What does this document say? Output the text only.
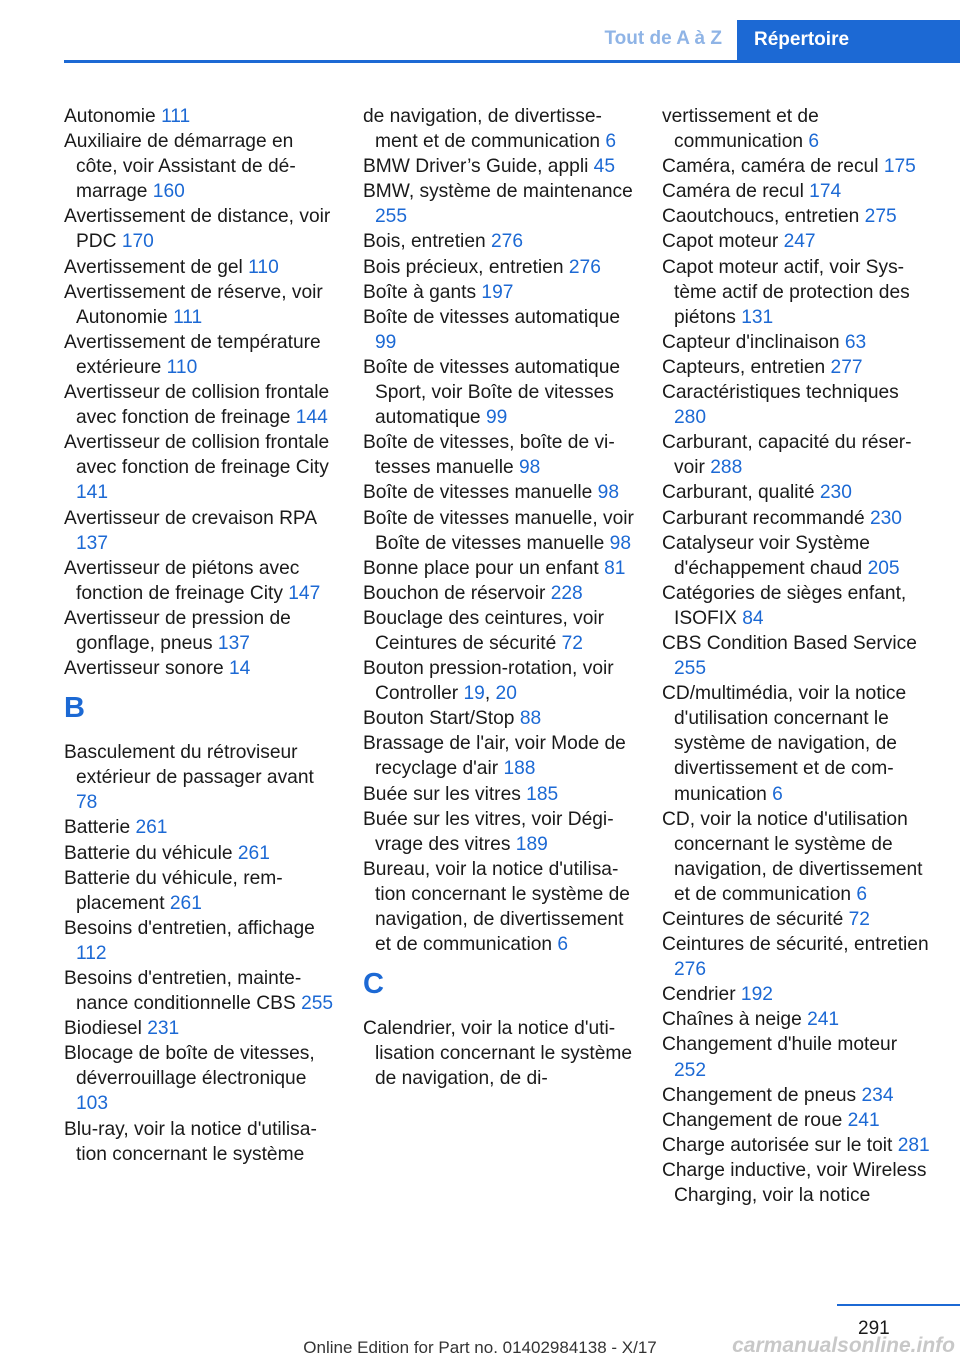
Tout de A à Z	Répertoire
Autonomie 111
Auxiliaire de démarrage en côte, voir Assistant de démarrage 160
Avertissement de distance, voir PDC 170
Avertissement de gel 110
Avertissement de réserve, voir Autonomie 111
Avertissement de température extérieure 110
Avertisseur de collision frontale avec fonction de freinage 144
Avertisseur de collision frontale avec fonction de freinage City 141
Avertisseur de crevaison RPA 137
Avertisseur de piétons avec fonction de freinage City 147
Avertisseur de pression de gonflage, pneus 137
Avertisseur sonore 14
B
Basculement du rétroviseur extérieur de passager avant 78
Batterie 261
Batterie du véhicule 261
Batterie du véhicule, remplacement 261
Besoins d'entretien, affichage 112
Besoins d'entretien, maintenance conditionnelle CBS 255
Biodiesel 231
Blocage de boîte de vitesses, déverrouillage électronique 103
Blu-ray, voir la notice d'utilisation concernant le système
de navigation, de divertissement et de communication 6
BMW Driver’s Guide, appli 45
BMW, système de maintenance 255
Bois, entretien 276
Bois précieux, entretien 276
Boîte à gants 197
Boîte de vitesses automatique 99
Boîte de vitesses automatique Sport, voir Boîte de vitesses automatique 99
Boîte de vitesses, boîte de vitesses manuelle 98
Boîte de vitesses manuelle 98
Boîte de vitesses manuelle, voir Boîte de vitesses manuelle 98
Bonne place pour un enfant 81
Bouchon de réservoir 228
Bouclage des ceintures, voir Ceintures de sécurité 72
Bouton pression-rotation, voir Controller 19, 20
Bouton Start/Stop 88
Brassage de l'air, voir Mode de recyclage d'air 188
Buée sur les vitres 185
Buée sur les vitres, voir Dégivrage des vitres 189
Bureau, voir la notice d'utilisation concernant le système de navigation, de divertissement et de communication 6
C
Calendrier, voir la notice d'utilisation concernant le système de navigation, de di-
vertissement et de communication 6
Caméra, caméra de recul 175
Caméra de recul 174
Caoutchoucs, entretien 275
Capot moteur 247
Capot moteur actif, voir Système actif de protection des piétons 131
Capteur d'inclinaison 63
Capteurs, entretien 277
Caractéristiques techniques 280
Carburant, capacité du réservoir 288
Carburant, qualité 230
Carburant recommandé 230
Catalyseur voir Système d'échappement chaud 205
Catégories de sièges enfant, ISOFIX 84
CBS Condition Based Service 255
CD/multimédia, voir la notice d'utilisation concernant le système de navigation, de divertissement et de communication 6
CD, voir la notice d'utilisation concernant le système de navigation, de divertissement et de communication 6
Ceintures de sécurité 72
Ceintures de sécurité, entretien 276
Cendrier 192
Chaînes à neige 241
Changement d'huile moteur 252
Changement de pneus 234
Changement de roue 241
Charge autorisée sur le toit 281
Charge inductive, voir Wireless Charging, voir la notice
291
Online Edition for Part no. 01402984138 - X/17	carmanualsonline.info
